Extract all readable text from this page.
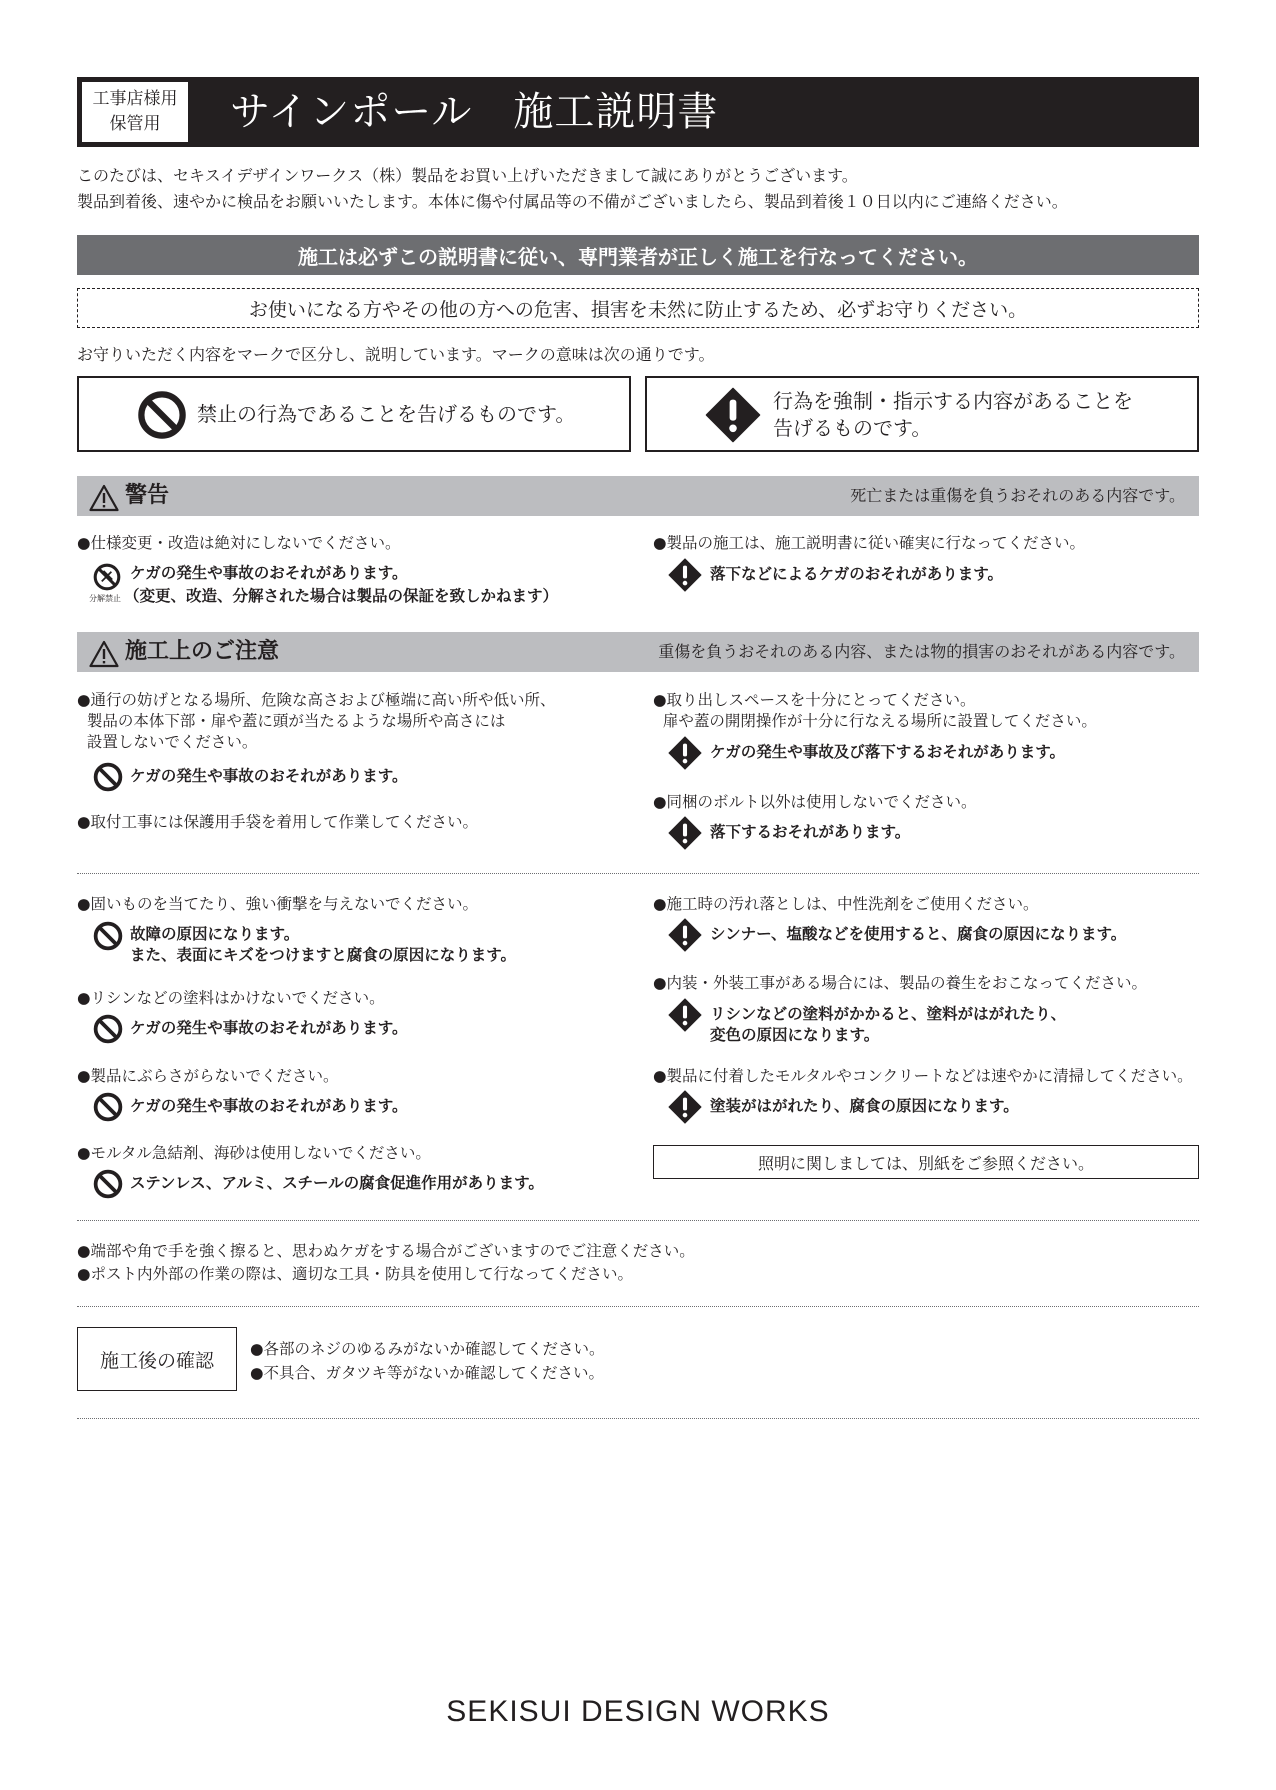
工事店様用
保管用 サインポール　施工説明書
このたびは、セキスイデザインワークス（株）製品をお買い上げいただきまして誠にありがとうございます。
製品到着後、速やかに検品をお願いいたします。本体に傷や付属品等の不備がございましたら、製品到着後１０日以内にご連絡ください。
施工は必ずこの説明書に従い、専門業者が正しく施工を行なってください。
お使いになる方やその他の方への危害、損害を未然に防止するため、必ずお守りください。
お守りいただく内容をマークで区分し、説明しています。マークの意味は次の通りです。
禁止の行為であることを告げるものです。
行為を強制・指示する内容があることを
告げるものです。
警告	死亡または重傷を負うおそれのある内容です。
●仕様変更・改造は絶対にしないでください。
分解禁止
ケガの発生や事故のおそれがあります。
（変更、改造、分解された場合は製品の保証を致しかねます）
●製品の施工は、施工説明書に従い確実に行なってください。
落下などによるケガのおそれがあります。
施工上のご注意	重傷を負うおそれのある内容、または物的損害のおそれがある内容です。
●通行の妨げとなる場所、危険な高さおよび極端に高い所や低い所、
製品の本体下部・扉や蓋に頭が当たるような場所や高さには
設置しないでください。
ケガの発生や事故のおそれがあります。
●取付工事には保護用手袋を着用して作業してください。
●取り出しスペースを十分にとってください。
扉や蓋の開閉操作が十分に行なえる場所に設置してください。
ケガの発生や事故及び落下するおそれがあります。
●同梱のボルト以外は使用しないでください。
落下するおそれがあります。
●固いものを当てたり、強い衝撃を与えないでください。
故障の原因になります。
また、表面にキズをつけますと腐食の原因になります。
●リシンなどの塗料はかけないでください。
ケガの発生や事故のおそれがあります。
●製品にぶらさがらないでください。
ケガの発生や事故のおそれがあります。
●モルタル急結剤、海砂は使用しないでください。
ステンレス、アルミ、スチールの腐食促進作用があります。
●施工時の汚れ落としは、中性洗剤をご使用ください。
シンナー、塩酸などを使用すると、腐食の原因になります。
●内装・外装工事がある場合には、製品の養生をおこなってください。
リシンなどの塗料がかかると、塗料がはがれたり、
変色の原因になります。
●製品に付着したモルタルやコンクリートなどは速やかに清掃してください。
塗装がはがれたり、腐食の原因になります。
照明に関しましては、別紙をご参照ください。
●端部や角で手を強く擦ると、思わぬケガをする場合がございますのでご注意ください。
●ポスト内外部の作業の際は、適切な工具・防具を使用して行なってください。
施工後の確認
●各部のネジのゆるみがないか確認してください。
●不具合、ガタツキ等がないか確認してください。
SEKISUI DESIGN WORKS
